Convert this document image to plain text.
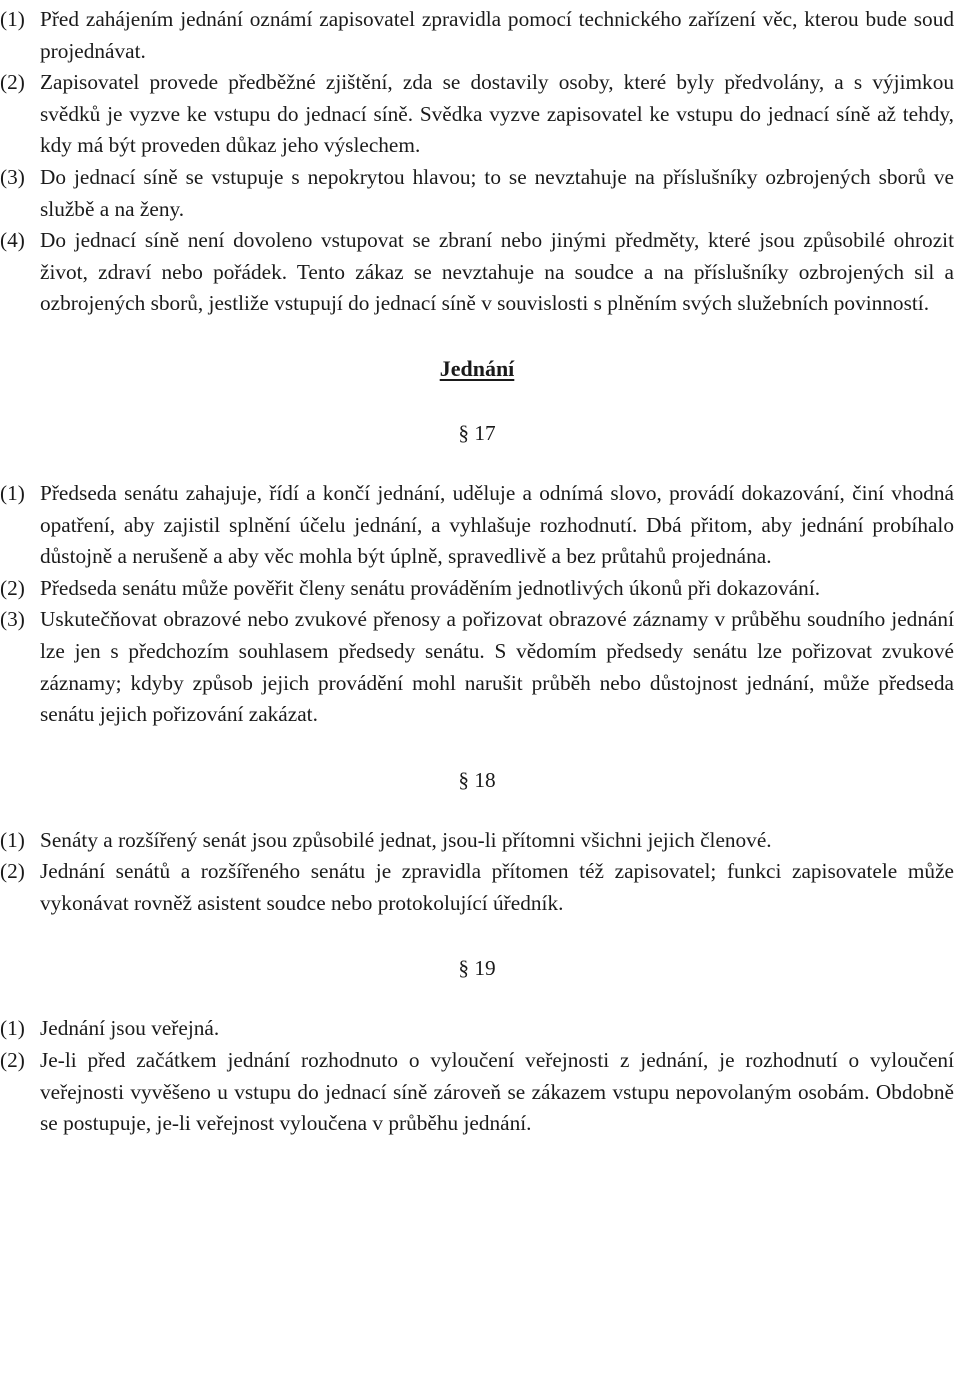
(1) Před zahájením jednání oznámí zapisovatel zpravidla pomocí technického zařízení věc, kterou bude soud projednávat.
(2) Zapisovatel provede předběžné zjištění, zda se dostavily osoby, které byly předvolány, a s výjimkou svědků je vyzve ke vstupu do jednací síně. Svědka vyzve zapisovatel ke vstupu do jednací síně až tehdy, kdy má být proveden důkaz jeho výslechem.
(3) Do jednací síně se vstupuje s nepokrytou hlavou; to se nevztahuje na příslušníky ozbrojených sborů ve službě a na ženy.
(4) Do jednací síně není dovoleno vstupovat se zbraní nebo jinými předměty, které jsou způsobilé ohrozit život, zdraví nebo pořádek. Tento zákaz se nevztahuje na soudce a na příslušníky ozbrojených sil a ozbrojených sborů, jestliže vstupují do jednací síně v souvislosti s plněním svých služebních povinností.
Jednání
§ 17
(1) Předseda senátu zahajuje, řídí a končí jednání, uděluje a odnímá slovo, provádí dokazování, činí vhodná opatření, aby zajistil splnění účelu jednání, a vyhlašuje rozhodnutí. Dbá přitom, aby jednání probíhalo důstojně a nerušeně a aby věc mohla být úplně, spravedlivě a bez průtahů projednána.
(2) Předseda senátu může pověřit členy senátu prováděním jednotlivých úkonů při dokazování.
(3) Uskutečňovat obrazové nebo zvukové přenosy a pořizovat obrazové záznamy v průběhu soudního jednání lze jen s předchozím souhlasem předsedy senátu. S vědomím předsedy senátu lze pořizovat zvukové záznamy; kdyby způsob jejich provádění mohl narušit průběh nebo důstojnost jednání, může předseda senátu jejich pořizování zakázat.
§ 18
(1) Senáty a rozšířený senát jsou způsobilé jednat, jsou-li přítomni všichni jejich členové.
(2) Jednání senátů a rozšířeného senátu je zpravidla přítomen též zapisovatel; funkci zapisovatele může vykonávat rovněž asistent soudce nebo protokolující úředník.
§ 19
(1) Jednání jsou veřejná.
(2) Je-li před začátkem jednání rozhodnuto o vyloučení veřejnosti z jednání, je rozhodnutí o vyloučení veřejnosti vyvěšeno u vstupu do jednací síně zároveň se zákazem vstupu nepovolaným osobám. Obdobně se postupuje, je-li veřejnost vyloučena v průběhu jednání.
